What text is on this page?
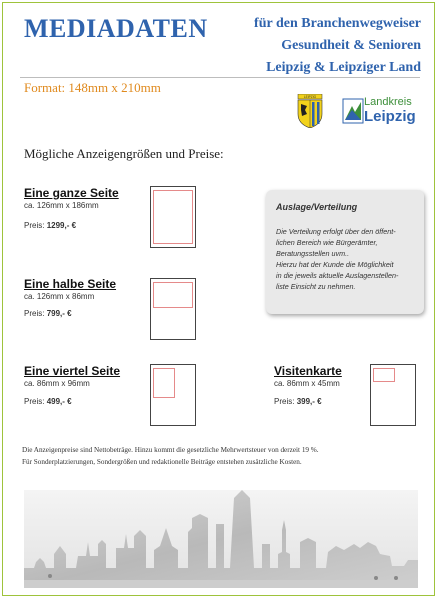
MEDIADATEN	für den Branchenwegweiser
Gesundheit & Senioren
Leipzig & Leipziger Land
Format: 148mm x 210mm
LEIPZIG	Landkreis
Leipzig
Mögliche Anzeigengrößen und Preise:
Eine ganze Seite
ca. 126mm x 186mm
Preis: 1299,- €
Eine halbe Seite
ca. 126mm x 86mm
Preis: 799,- €
Eine viertel Seite
ca. 86mm x 96mm
Preis: 499,- €
Visitenkarte
ca. 86mm x 45mm
Preis: 399,- €
Auslage/Verteilung
Die Verteilung erfolgt über den öffent-
lichen Bereich wie Bürgerämter,
Beratungsstellen uvm..
Hierzu hat der Kunde die Möglichkeit
in die jeweils aktuelle Auslagenstellen-
liste Einsicht zu nehmen.
Die Anzeigenpreise sind Nettobeträge. Hinzu kommt die gesetzliche Mehrwertsteuer von derzeit 19 %.
Für Sonderplatzierungen, Sondergrößen und redaktionelle Beiträge entstehen zusätzliche Kosten.
